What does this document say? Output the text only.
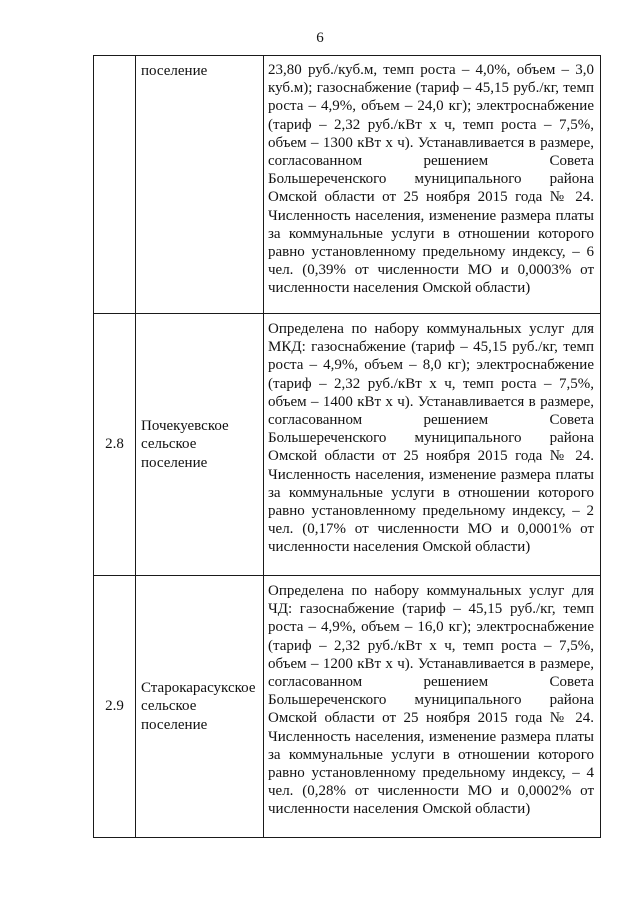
6
	поселение	23,80 руб./куб.м, темп роста – 4,0%, объем – 3,0 куб.м); газоснабжение (тариф – 45,15 руб./кг, темп роста – 4,9%, объем – 24,0 кг); электроснабжение (тариф – 2,32 руб./кВт х ч, темп роста – 7,5%, объем – 1300 кВт х ч). Устанавливается в размере, согласованном решением Совета Большереченского муниципального района Омской области от 25 ноября 2015 года № 24. Численность населения, изменение размера платы за коммунальные услуги в отношении которого равно установленному предельному индексу, – 6 чел. (0,39% от численности МО и 0,0003% от численности населения Омской области)
2.8	Почекуевское сельское поселение	Определена по набору коммунальных услуг для МКД: газоснабжение (тариф – 45,15 руб./кг, темп роста – 4,9%, объем – 8,0 кг); электроснабжение (тариф – 2,32 руб./кВт х ч, темп роста – 7,5%, объем – 1400 кВт х ч). Устанавливается в размере, согласованном решением Совета Большереченского муниципального района Омской области от 25 ноября 2015 года № 24. Численность населения, изменение размера платы за коммунальные услуги в отношении которого равно установленному предельному индексу, – 2 чел. (0,17% от численности МО и 0,0001% от численности населения Омской области)
2.9	Старокарасукское сельское поселение	Определена по набору коммунальных услуг для ЧД: газоснабжение (тариф – 45,15 руб./кг, темп роста – 4,9%, объем – 16,0 кг); электроснабжение (тариф – 2,32 руб./кВт х ч, темп роста – 7,5%, объем – 1200 кВт х ч). Устанавливается в размере, согласованном решением Совета Большереченского муниципального района Омской области от 25 ноября 2015 года № 24. Численность населения, изменение размера платы за коммунальные услуги в отношении которого равно установленному предельному индексу, – 4 чел. (0,28% от численности МО и 0,0002% от численности населения Омской области)
